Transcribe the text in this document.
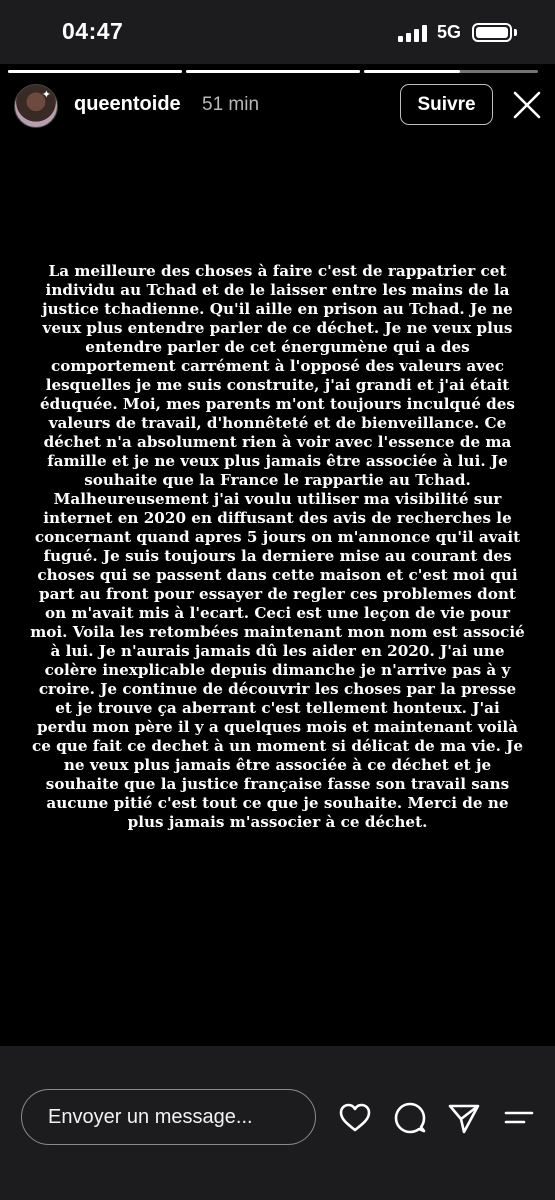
04:47	5G
✦ queentoide 51 min	Suivre
La meilleure des choses à faire c'est de rappatrier cet individu au Tchad et de le laisser entre les mains de la justice tchadienne. Qu'il aille en prison au Tchad. Je ne veux plus entendre parler de ce déchet. Je ne veux plus entendre parler de cet énergumène qui a des comportement carrément à l'opposé des valeurs avec lesquelles je me suis construite, j'ai grandi et j'ai était éduquée. Moi, mes parents m'ont toujours inculqué des valeurs de travail, d'honnêteté et de bienveillance. Ce déchet n'a absolument rien à voir avec l'essence de ma famille et je ne veux plus jamais être associée à lui. Je souhaite que la France le rappartie au Tchad. Malheureusement j'ai voulu utiliser ma visibilité sur internet en 2020 en diffusant des avis de recherches le concernant quand apres 5 jours on m'annonce qu'il avait fugué. Je suis toujours la derniere mise au courant des choses qui se passent dans cette maison et c'est moi qui part au front pour essayer de regler ces problemes dont on m'avait mis à l'ecart. Ceci est une leçon de vie pour moi. Voila les retombées maintenant mon nom est associé à lui. Je n'aurais jamais dû les aider en 2020. J'ai une colère inexplicable depuis dimanche je n'arrive pas à y croire. Je continue de découvrir les choses par la presse et je trouve ça aberrant c'est tellement honteux. J'ai perdu mon père il y a quelques mois et maintenant voilà ce que fait ce dechet à un moment si délicat de ma vie. Je ne veux plus jamais être associée à ce déchet et je souhaite que la justice française fasse son travail sans aucune pitié c'est tout ce que je souhaite. Merci de ne plus jamais m'associer à ce déchet.
Envoyer un message...
